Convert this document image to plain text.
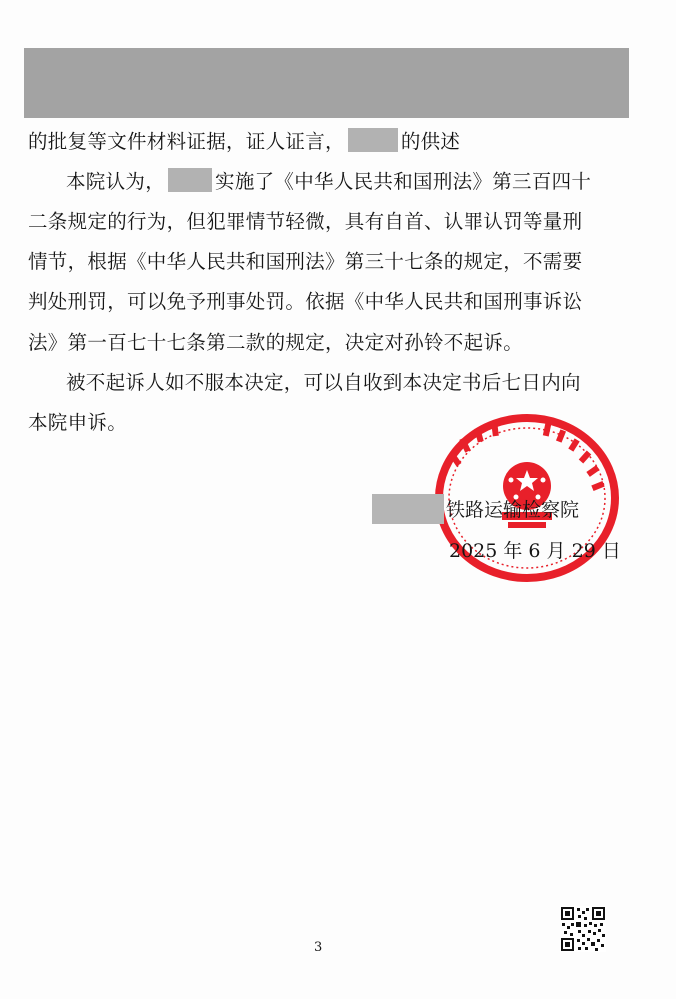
的批复等文件材料证据，证人证言，	的供述
本院认为，	实施了《中华人民共和国刑法》第三百四十
二条规定的行为，但犯罪情节轻微，具有自首、认罪认罚等量刑
情节，根据《中华人民共和国刑法》第三十七条的规定，不需要
判处刑罚，可以免予刑事处罚。依据《中华人民共和国刑事诉讼
法》第一百七十七条第二款的规定，决定对孙铃不起诉。
被不起诉人如不服本决定，可以自收到本决定书后七日内向
本院申诉。
铁路运输检察院
2025 年 6 月 29 日
3
